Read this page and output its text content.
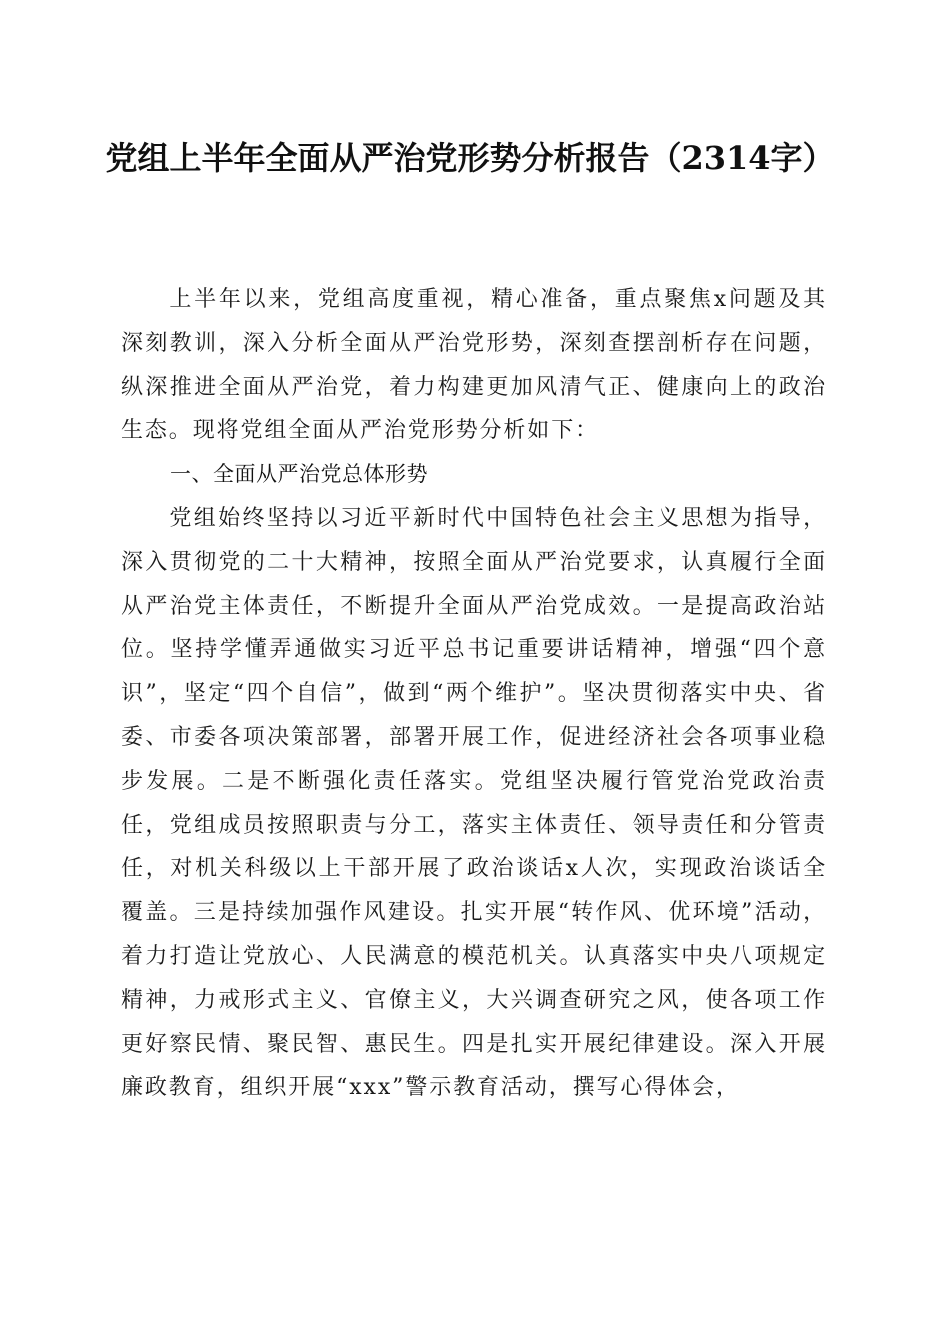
党组上半年全面从严治党形势分析报告（2314字）

上半年以来，党组高度重视，精心准备，重点聚焦x问题及其深刻教训，深入分析全面从严治党形势，深刻查摆剖析存在问题，纵深推进全面从严治党，着力构建更加风清气正、健康向上的政治生态。现将党组全面从严治党形势分析如下：

一、全面从严治党总体形势

党组始终坚持以习近平新时代中国特色社会主义思想为指导，深入贯彻党的二十大精神，按照全面从严治党要求，认真履行全面从严治党主体责任，不断提升全面从严治党成效。一是提高政治站位。坚持学懂弄通做实习近平总书记重要讲话精神，增强“四个意识”，坚定“四个自信”，做到“两个维护”。坚决贯彻落实中央、省委、市委各项决策部署，部署开展工作，促进经济社会各项事业稳步发展。二是不断强化责任落实。党组坚决履行管党治党政治责任，党组成员按照职责与分工，落实主体责任、领导责任和分管责任，对机关科级以上干部开展了政治谈话x人次，实现政治谈话全覆盖。三是持续加强作风建设。扎实开展“转作风、优环境”活动，着力打造让党放心、人民满意的模范机关。认真落实中央八项规定精神，力戒形式主义、官僚主义，大兴调查研究之风，使各项工作更好察民情、聚民智、惠民生。四是扎实开展纪律建设。深入开展廉政教育，组织开展“xxx”警示教育活动，撰写心得体会，
